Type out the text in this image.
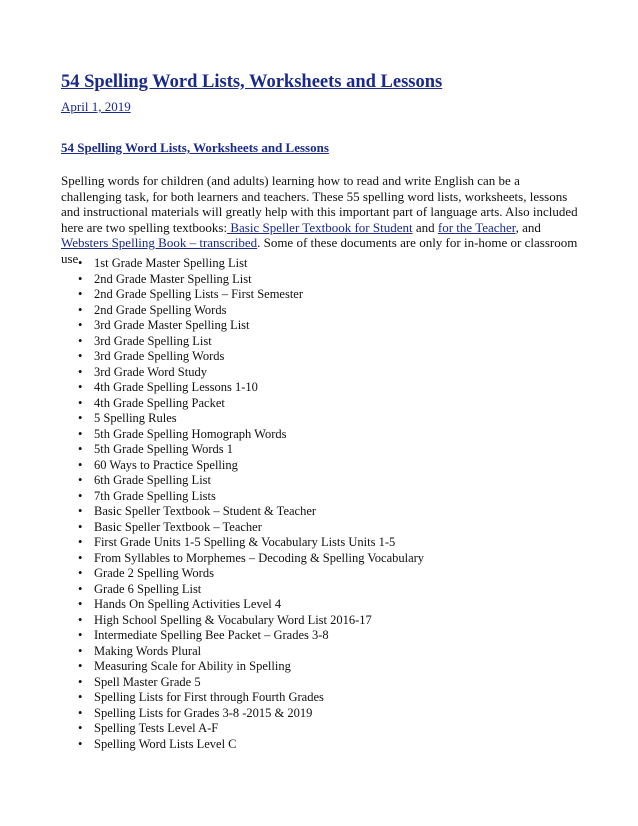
54 Spelling Word Lists, Worksheets and Lessons
April 1, 2019
54 Spelling Word Lists, Worksheets and Lessons

Spelling words for children (and adults) learning how to read and write English can be a challenging task, for both learners and teachers. These 55 spelling word lists, worksheets, lessons and instructional materials will greatly help with this important part of language arts. Also included here are two spelling textbooks: Basic Speller Textbook for Student and for the Teacher, and Websters Spelling Book – transcribed. Some of these documents are only for in-home or classroom use.

• 1st Grade Master Spelling List
• 2nd Grade Master Spelling List
• 2nd Grade Spelling Lists – First Semester
• 2nd Grade Spelling Words
• 3rd Grade Master Spelling List
• 3rd Grade Spelling List
• 3rd Grade Spelling Words
• 3rd Grade Word Study
• 4th Grade Spelling Lessons 1-10
• 4th Grade Spelling Packet
• 5 Spelling Rules
• 5th Grade Spelling Homograph Words
• 5th Grade Spelling Words 1
• 60 Ways to Practice Spelling
• 6th Grade Spelling List
• 7th Grade Spelling Lists
• Basic Speller Textbook – Student & Teacher
• Basic Speller Textbook – Teacher
• First Grade Units 1-5 Spelling & Vocabulary Lists Units 1-5
• From Syllables to Morphemes – Decoding & Spelling Vocabulary
• Grade 2 Spelling Words
• Grade 6 Spelling List
• Hands On Spelling Activities Level 4
• High School Spelling & Vocabulary Word List 2016-17
• Intermediate Spelling Bee Packet – Grades 3-8
• Making Words Plural
• Measuring Scale for Ability in Spelling
• Spell Master Grade 5
• Spelling Lists for First through Fourth Grades
• Spelling Lists for Grades 3-8 -2015 & 2019
• Spelling Tests Level A-F
• Spelling Word Lists Level C
